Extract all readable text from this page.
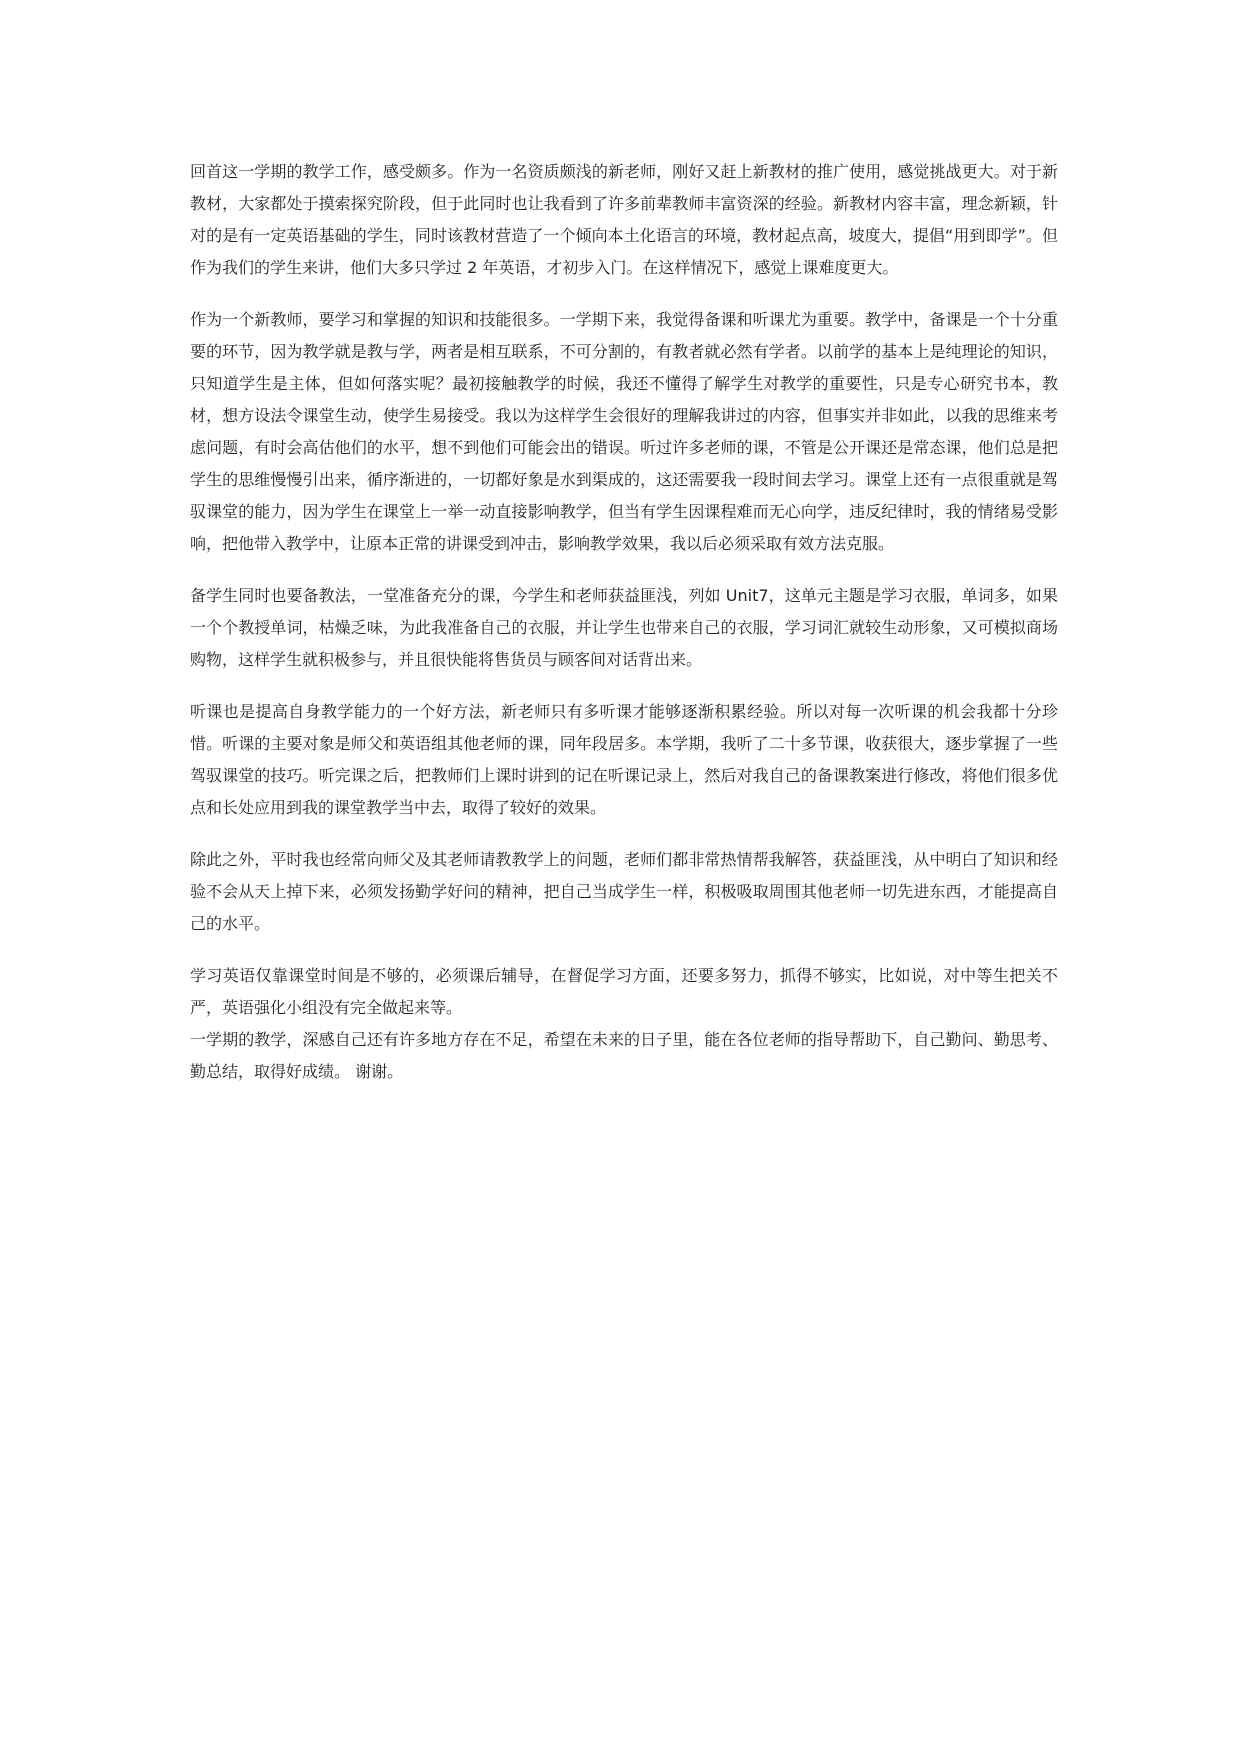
回首这一学期的教学工作，感受颇多。作为一名资质颇浅的新老师，刚好又赶上新教材的推广使用，感觉挑战更大。对于新教材，大家都处于摸索探究阶段，但于此同时也让我看到了许多前辈教师丰富资深的经验。新教材内容丰富，理念新颖，针对的是有一定英语基础的学生，同时该教材营造了一个倾向本土化语言的环境，教材起点高，坡度大，提倡“用到即学”。但作为我们的学生来讲，他们大多只学过 2 年英语，才初步入门。在这样情况下，感觉上课难度更大。

作为一个新教师，要学习和掌握的知识和技能很多。一学期下来，我觉得备课和听课尤为重要。教学中，备课是一个十分重要的环节，因为教学就是教与学，两者是相互联系，不可分割的，有教者就必然有学者。以前学的基本上是纯理论的知识，只知道学生是主体，但如何落实呢？最初接触教学的时候，我还不懂得了解学生对教学的重要性，只是专心研究书本，教材，想方设法令课堂生动，使学生易接受。我以为这样学生会很好的理解我讲过的内容，但事实并非如此，以我的思维来考虑问题，有时会高估他们的水平，想不到他们可能会出的错误。听过许多老师的课，不管是公开课还是常态课，他们总是把学生的思维慢慢引出来，循序渐进的，一切都好象是水到渠成的，这还需要我一段时间去学习。课堂上还有一点很重就是驾驭课堂的能力，因为学生在课堂上一举一动直接影响教学，但当有学生因课程难而无心向学，违反纪律时，我的情绪易受影响，把他带入教学中，让原本正常的讲课受到冲击，影响教学效果，我以后必须采取有效方法克服。

备学生同时也要备教法，一堂准备充分的课，今学生和老师获益匪浅，列如 Unit7，这单元主题是学习衣服，单词多，如果一个个教授单词，枯燥乏味，为此我准备自己的衣服，并让学生也带来自己的衣服，学习词汇就较生动形象，又可模拟商场购物，这样学生就积极参与，并且很快能将售货员与顾客间对话背出来。

听课也是提高自身教学能力的一个好方法，新老师只有多听课才能够逐渐积累经验。所以对每一次听课的机会我都十分珍惜。听课的主要对象是师父和英语组其他老师的课，同年段居多。本学期，我听了二十多节课，收获很大，逐步掌握了一些驾驭课堂的技巧。听完课之后，把教师们上课时讲到的记在听课记录上，然后对我自己的备课教案进行修改，将他们很多优点和长处应用到我的课堂教学当中去，取得了较好的效果。

除此之外，平时我也经常向师父及其老师请教教学上的问题，老师们都非常热情帮我解答，获益匪浅，从中明白了知识和经验不会从天上掉下来，必须发扬勤学好问的精神，把自己当成学生一样，积极吸取周围其他老师一切先进东西，才能提高自己的水平。

学习英语仅靠课堂时间是不够的，必须课后辅导，在督促学习方面，还要多努力，抓得不够实，比如说，对中等生把关不严，英语强化小组没有完全做起来等。

一学期的教学，深感自己还有许多地方存在不足，希望在未来的日子里，能在各位老师的指导帮助下，自己勤问、勤思考、勤总结，取得好成绩。 谢谢。
